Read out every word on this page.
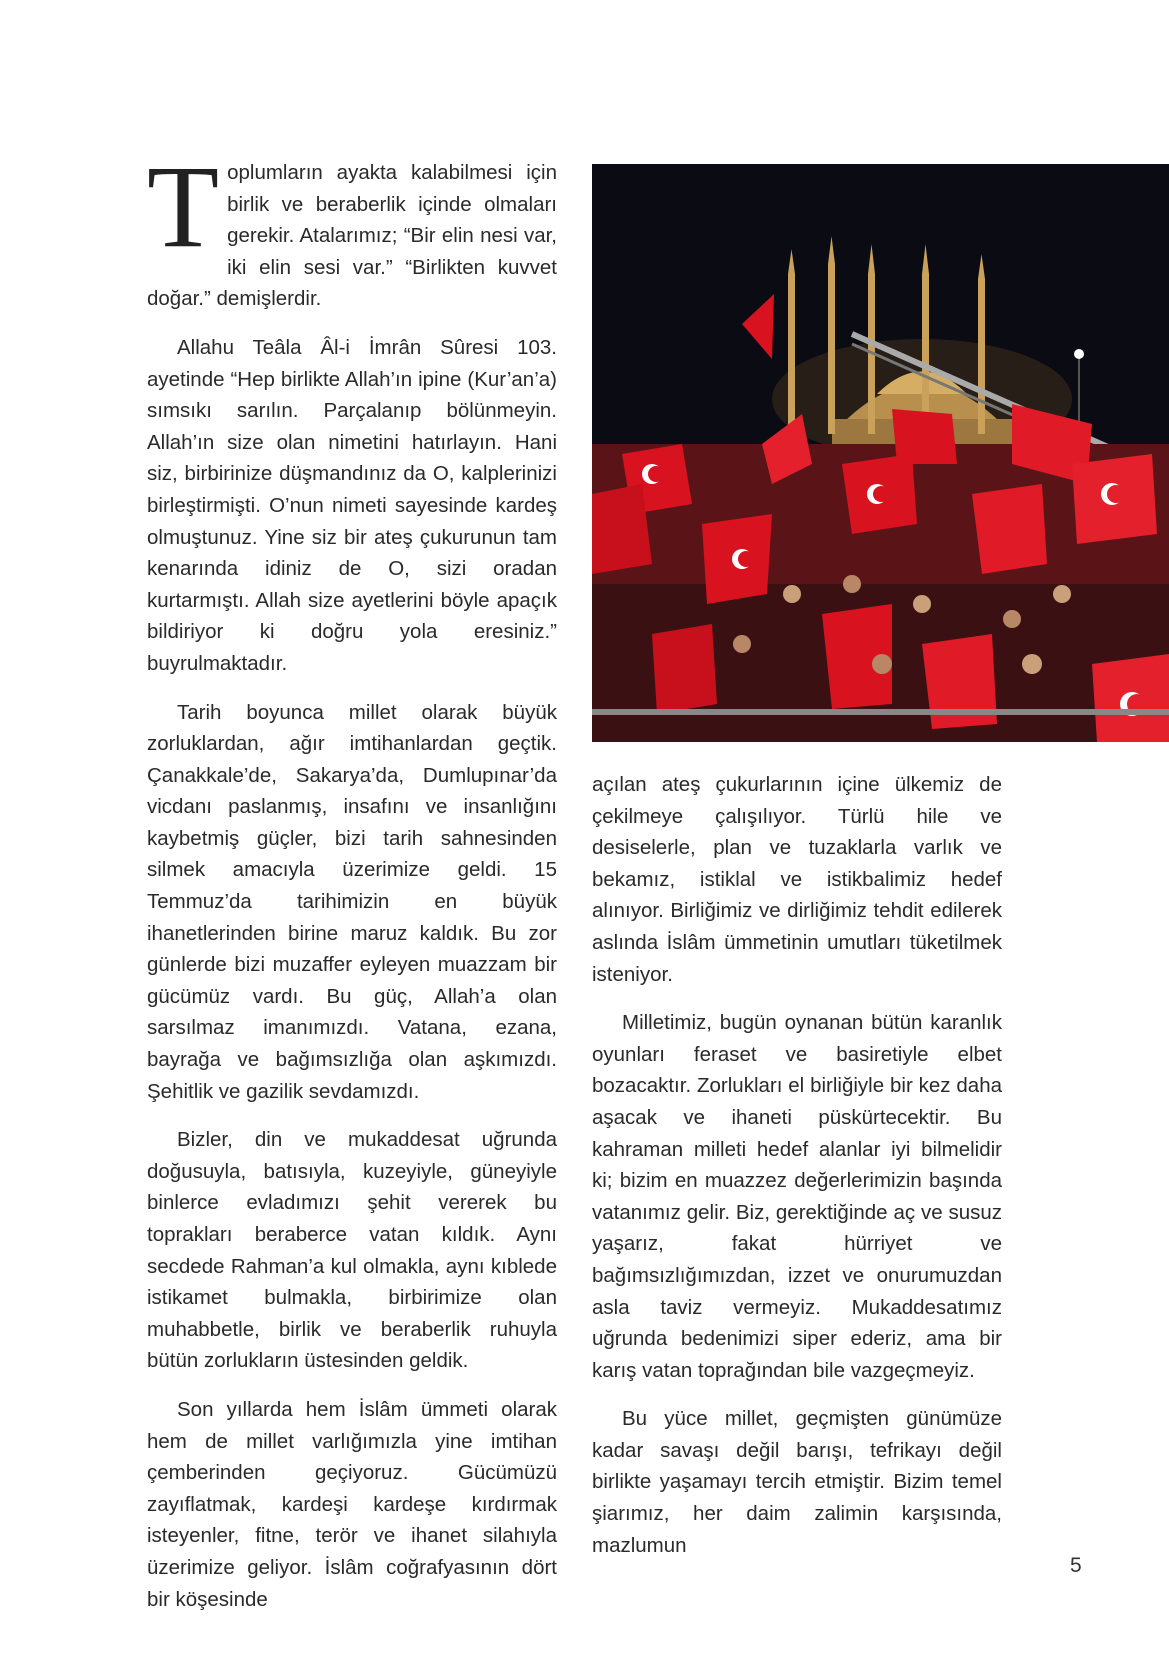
Toplumların ayakta kalabilmesi için birlik ve beraberlik içinde olmaları gerekir. Atalarımız; “Bir elin nesi var, iki elin sesi var.” “Birlikten kuvvet doğar.” demişlerdir.

Allahu Teâla Âl-i İmrân Sûresi 103. ayetinde “Hep birlikte Allah’ın ipine (Kur’an’a) sımsıkı sarılın. Parçalanıp bölünmeyin. Allah’ın size olan nimetini hatırlayın. Hani siz, birbirinize düşmandınız da O, kalplerinizi birleştirmişti. O’nun nimeti sayesinde kardeş olmuştunuz. Yine siz bir ateş çukurunun tam kenarında idiniz de O, sizi oradan kurtarmıştı. Allah size ayetlerini böyle apaçık bildiriyor ki doğru yola eresiniz.” buyrulmaktadır.

Tarih boyunca millet olarak büyük zorluklardan, ağır imtihanlardan geçtik. Çanakkale’de, Sakarya’da, Dumlupınar’da vicdanı paslanmış, insafını ve insanlığını kaybetmiş güçler, bizi tarih sahnesinden silmek amacıyla üzerimize geldi. 15 Temmuz’da tarihimizin en büyük ihanetlerinden birine maruz kaldık. Bu zor günlerde bizi muzaffer eyleyen muazzam bir gücümüz vardı. Bu güç, Allah’a olan sarsılmaz imanımızdı. Vatana, ezana, bayrağa ve bağımsızlığa olan aşkımızdı. Şehitlik ve gazilik sevdamızdı.

Bizler, din ve mukaddesat uğrunda doğusuyla, batısıyla, kuzeyiyle, güneyiyle binlerce evladımızı şehit vererek bu toprakları beraberce vatan kıldık. Aynı secdede Rahman’a kul olmakla, aynı kıblede istikamet bulmakla, birbirimize olan muhabbetle, birlik ve beraberlik ruhuyla bütün zorlukların üstesinden geldik.

Son yıllarda hem İslâm ümmeti olarak hem de millet varlığımızla yine imtihan çemberinden geçiyoruz. Gücümüzü zayıflatmak, kardeşi kardeşe kırdırmak isteyenler, fitne, terör ve ihanet silahıyla üzerimize geliyor. İslâm coğrafyasının dört bir köşesinde

açılan ateş çukurlarının içine ülkemiz de çekilmeye çalışılıyor. Türlü hile ve desiselerle, plan ve tuzaklarla varlık ve bekamız, istiklal ve istikbalimiz hedef alınıyor. Birliğimiz ve dirliğimiz tehdit edilerek aslında İslâm ümmetinin umutları tüketilmek isteniyor.

Milletimiz, bugün oynanan bütün karanlık oyunları feraset ve basiretiyle elbet bozacaktır. Zorlukları el birliğiyle bir kez daha aşacak ve ihaneti püskürtecektir. Bu kahraman milleti hedef alanlar iyi bilmelidir ki; bizim en muazzez değerlerimizin başında vatanımız gelir. Biz, gerektiğinde aç ve susuz yaşarız, fakat hürriyet ve bağımsızlığımızdan, izzet ve onurumuzdan asla taviz vermeyiz. Mukaddesatımız uğrunda bedenimizi siper ederiz, ama bir karış vatan toprağından bile vazgeçmeyiz.

Bu yüce millet, geçmişten günümüze kadar savaşı değil barışı, tefrikayı değil birlikte yaşamayı tercih etmiştir. Bizim temel şiarımız, her daim zalimin karşısında, mazlumun

5
